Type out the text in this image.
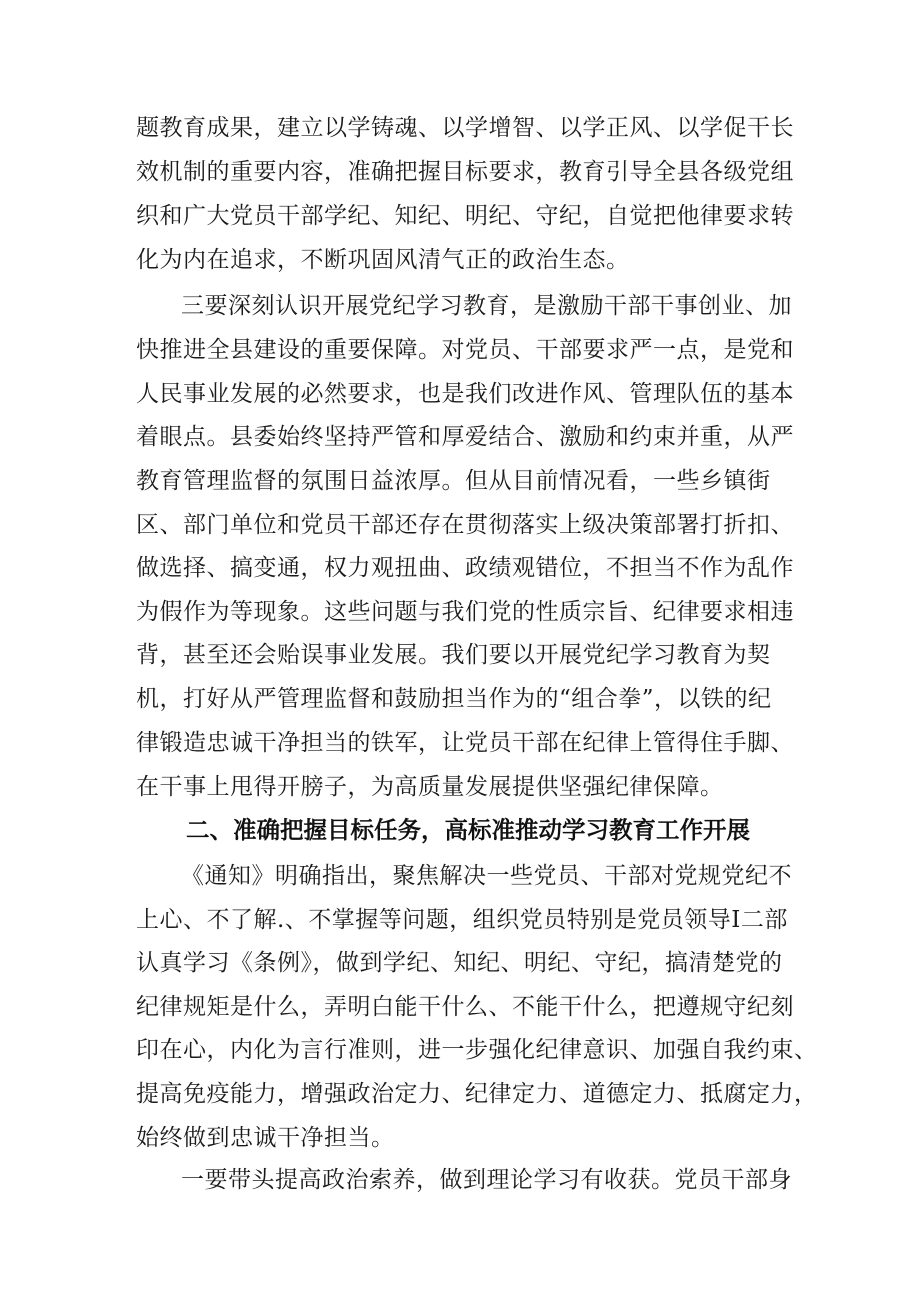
题教育成果，建立以学铸魂、以学增智、以学正风、以学促干长
效机制的重要内容，准确把握目标要求，教育引导全县各级党组
织和广大党员干部学纪、知纪、明纪、守纪，自觉把他律要求转
化为内在追求，不断巩固风清气正的政治生态。
三要深刻认识开展党纪学习教育，是激励干部干事创业、加
快推进全县建设的重要保障。对党员、干部要求严一点，是党和
人民事业发展的必然要求，也是我们改进作风、管理队伍的基本
着眼点。县委始终坚持严管和厚爱结合、激励和约束并重，从严
教育管理监督的氛围日益浓厚。但从目前情况看，一些乡镇街
区、部门单位和党员干部还存在贯彻落实上级决策部署打折扣、
做选择、搞变通，权力观扭曲、政绩观错位，不担当不作为乱作
为假作为等现象。这些问题与我们党的性质宗旨、纪律要求相违
背，甚至还会贻误事业发展。我们要以开展党纪学习教育为契
机，打好从严管理监督和鼓励担当作为的“组合拳”，以铁的纪
律锻造忠诚干净担当的铁军，让党员干部在纪律上管得住手脚、
在干事上甩得开膀子，为高质量发展提供坚强纪律保障。
二、准确把握目标任务，高标准推动学习教育工作开展
《通知》明确指出，聚焦解决一些党员、干部对党规党纪不
上心、不了解.、不掌握等问题，组织党员特别是党员领导I二部
认真学习《条例》，做到学纪、知纪、明纪、守纪，搞清楚党的
纪律规矩是什么，弄明白能干什么、不能干什么，把遵规守纪刻
印在心，内化为言行准则，进一步强化纪律意识、加强自我约束、
提高免疫能力，增强政治定力、纪律定力、道德定力、抵腐定力，
始终做到忠诚干净担当。
一要带头提高政治索养，做到理论学习有收获。党员干部身
